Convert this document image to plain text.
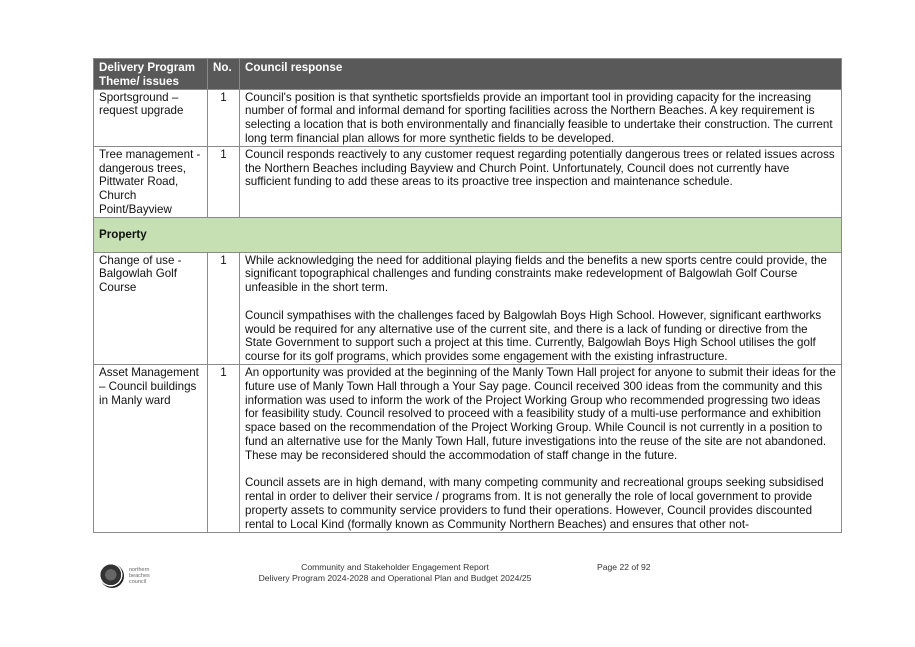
Delivery Program Theme/ issues	No.	Council response
Sportsground – request upgrade	1	Council's position is that synthetic sportsfields provide an important tool in providing capacity for the increasing number of formal and informal demand for sporting facilities across the Northern Beaches. A key requirement is selecting a location that is both environmentally and financially feasible to undertake their construction. The current long term financial plan allows for more synthetic fields to be developed.

Tree management - dangerous trees, Pittwater Road, Church Point/Bayview	1	Council responds reactively to any customer request regarding potentially dangerous trees or related issues across the Northern Beaches including Bayview and Church Point. Unfortunately, Council does not currently have sufficient funding to add these areas to its proactive tree inspection and maintenance schedule.

Property		
Change of use - Balgowlah Golf Course	1	While acknowledging the need for additional playing fields and the benefits a new sports centre could provide, the significant topographical challenges and funding constraints make redevelopment of Balgowlah Golf Course unfeasible in the short term.
Council sympathises with the challenges faced by Balgowlah Boys High School. However, significant earthworks would be required for any alternative use of the current site, and there is a lack of funding or directive from the State Government to support such a project at this time. Currently, Balgowlah Boys High School utilises the golf course for its golf programs, which provides some engagement with the existing infrastructure.

Asset Management – Council buildings in Manly ward	1	An opportunity was provided at the beginning of the Manly Town Hall project for anyone to submit their ideas for the future use of Manly Town Hall through a Your Say page. Council received 300 ideas from the community and this information was used to inform the work of the Project Working Group who recommended progressing two ideas for feasibility study. Council resolved to proceed with a feasibility study of a multi-use performance and exhibition space based on the recommendation of the Project Working Group. While Council is not currently in a position to fund an alternative use for the Manly Town Hall, future investigations into the reuse of the site are not abandoned. These may be reconsidered should the accommodation of staff change in the future.
Council assets are in high demand, with many competing community and recreational groups seeking subsidised rental in order to deliver their service / programs from. It is not generally the role of local government to provide property assets to community service providers to fund their operations. However, Council provides discounted rental to Local Kind (formally known as Community Northern Beaches) and ensures that other not-
northern
beaches
council
Community and Stakeholder Engagement Report
Delivery Program 2024-2028 and Operational Plan and Budget 2024/25
Page 22 of 92
